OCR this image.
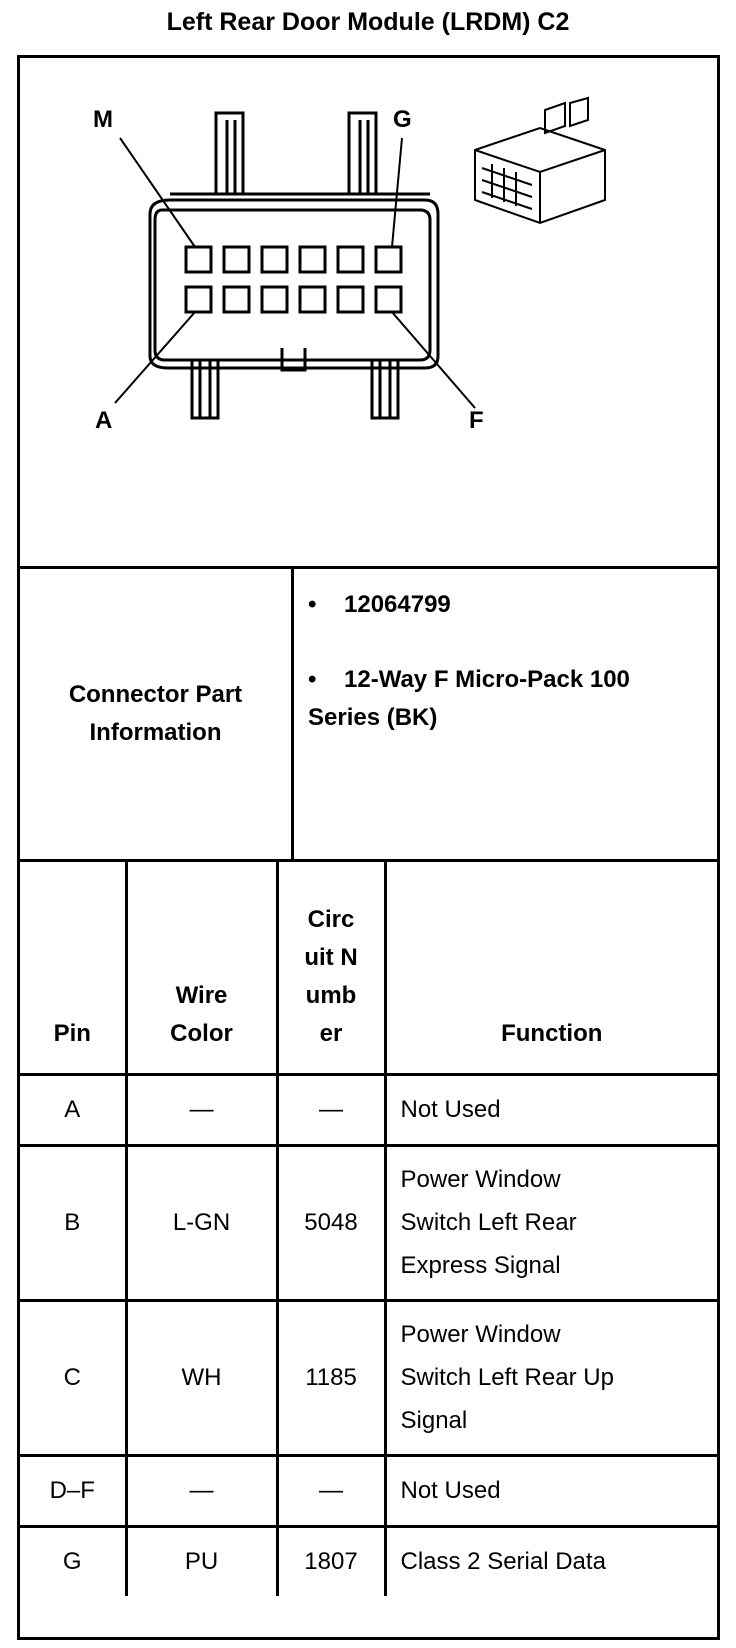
Left Rear Door Module (LRDM) C2
M	G
A	F
Connector Part Information
• 12064799
• 12-Way F Micro-Pack 100 Series (BK)
Pin	Wire Color	Circuit Number	Function
A	—	—	Not Used
B	L-GN	5048	Power Window Switch Left Rear Express Signal

C	WH	1185	Power Window Switch Left Rear Up Signal

D–F	—	—	Not Used
G	PU	1807	Class 2 Serial Data
